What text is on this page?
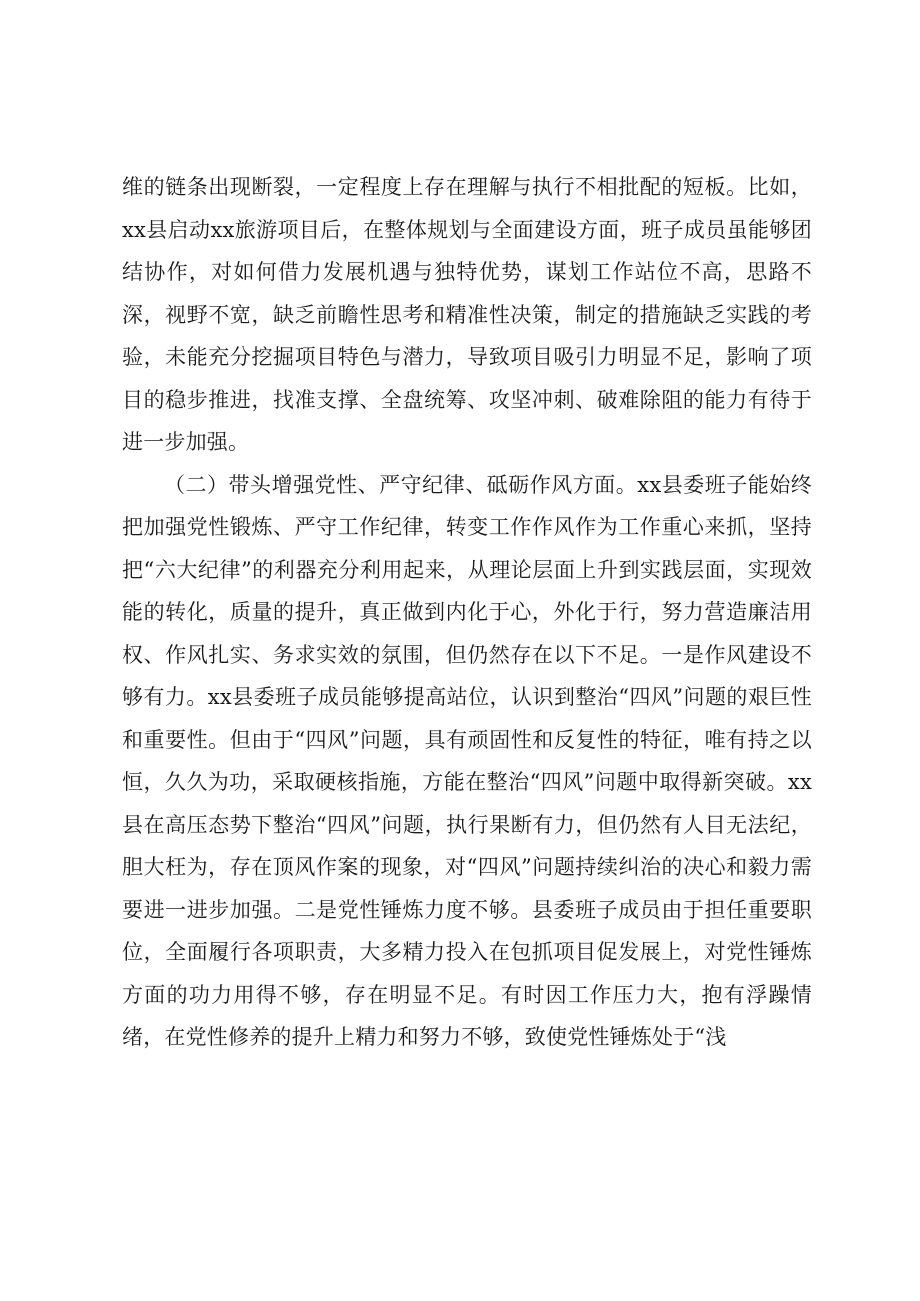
维的链条出现断裂，一定程度上存在理解与执行不相批配的短板。比如，xx县启动xx旅游项目后，在整体规划与全面建设方面，班子成员虽能够团结协作，对如何借力发展机遇与独特优势，谋划工作站位不高，思路不深，视野不宽，缺乏前瞻性思考和精准性决策，制定的措施缺乏实践的考验，未能充分挖掘项目特色与潜力，导致项目吸引力明显不足，影响了项目的稳步推进，找准支撑、全盘统筹、攻坚冲刺、破难除阻的能力有待于进一步加强。

（二）带头增强党性、严守纪律、砥砺作风方面。xx县委班子能始终把加强党性锻炼、严守工作纪律，转变工作作风作为工作重心来抓，坚持把“六大纪律”的利器充分利用起来，从理论层面上升到实践层面，实现效能的转化，质量的提升，真正做到内化于心，外化于行，努力营造廉洁用权、作风扎实、务求实效的氛围，但仍然存在以下不足。一是作风建设不够有力。xx县委班子成员能够提高站位，认识到整治“四风”问题的艰巨性和重要性。但由于“四风”问题，具有顽固性和反复性的特征，唯有持之以恒，久久为功，采取硬核指施，方能在整治“四风”问题中取得新突破。xx县在高压态势下整治“四风”问题，执行果断有力，但仍然有人目无法纪，胆大枉为，存在顶风作案的现象，对“四风”问题持续纠治的决心和毅力需要进一进步加强。二是党性锤炼力度不够。县委班子成员由于担任重要职位，全面履行各项职责，大多精力投入在包抓项目促发展上，对党性锤炼方面的功力用得不够，存在明显不足。有时因工作压力大，抱有浮躁情绪，在党性修养的提升上精力和努力不够，致使党性锤炼处于“浅
